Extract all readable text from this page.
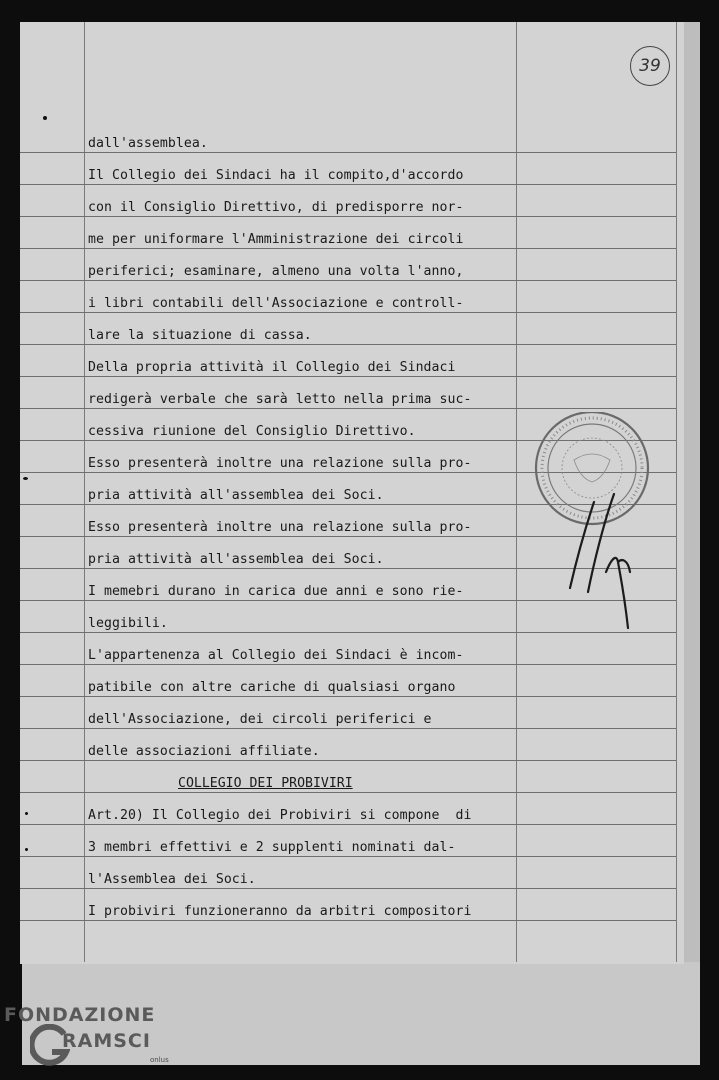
39
dall'assemblea.
Il Collegio dei Sindaci ha il compito,d'accordo
con il Consiglio Direttivo, di predisporre nor-
me per uniformare l'Amministrazione dei circoli
periferici; esaminare, almeno una volta l'anno,
i libri contabili dell'Associazione e controll-
lare la situazione di cassa.
Della propria attività il Collegio dei Sindaci
redigerà verbale che sarà letto nella prima suc-
cessiva riunione del Consiglio Direttivo.
Esso presenterà inoltre una relazione sulla pro-
pria attività all'assemblea dei Soci.
Esso presenterà inoltre una relazione sulla pro-
pria attività all'assemblea dei Soci.
I memebri durano in carica due anni e sono rie-
leggibili.
L'appartenenza al Collegio dei Sindaci è incom-
patibile con altre cariche di qualsiasi organo
dell'Associazione, dei circoli periferici e
delle associazioni affiliate.
COLLEGIO DEI PROBIVIRI
Art.20) Il Collegio dei Probiviri si compone  di
3 membri effettivi e 2 supplenti nominati dal-
l'Assemblea dei Soci.
I probiviri funzioneranno da arbitri compositori
FONDAZIONE
RAMSCI
onlus
